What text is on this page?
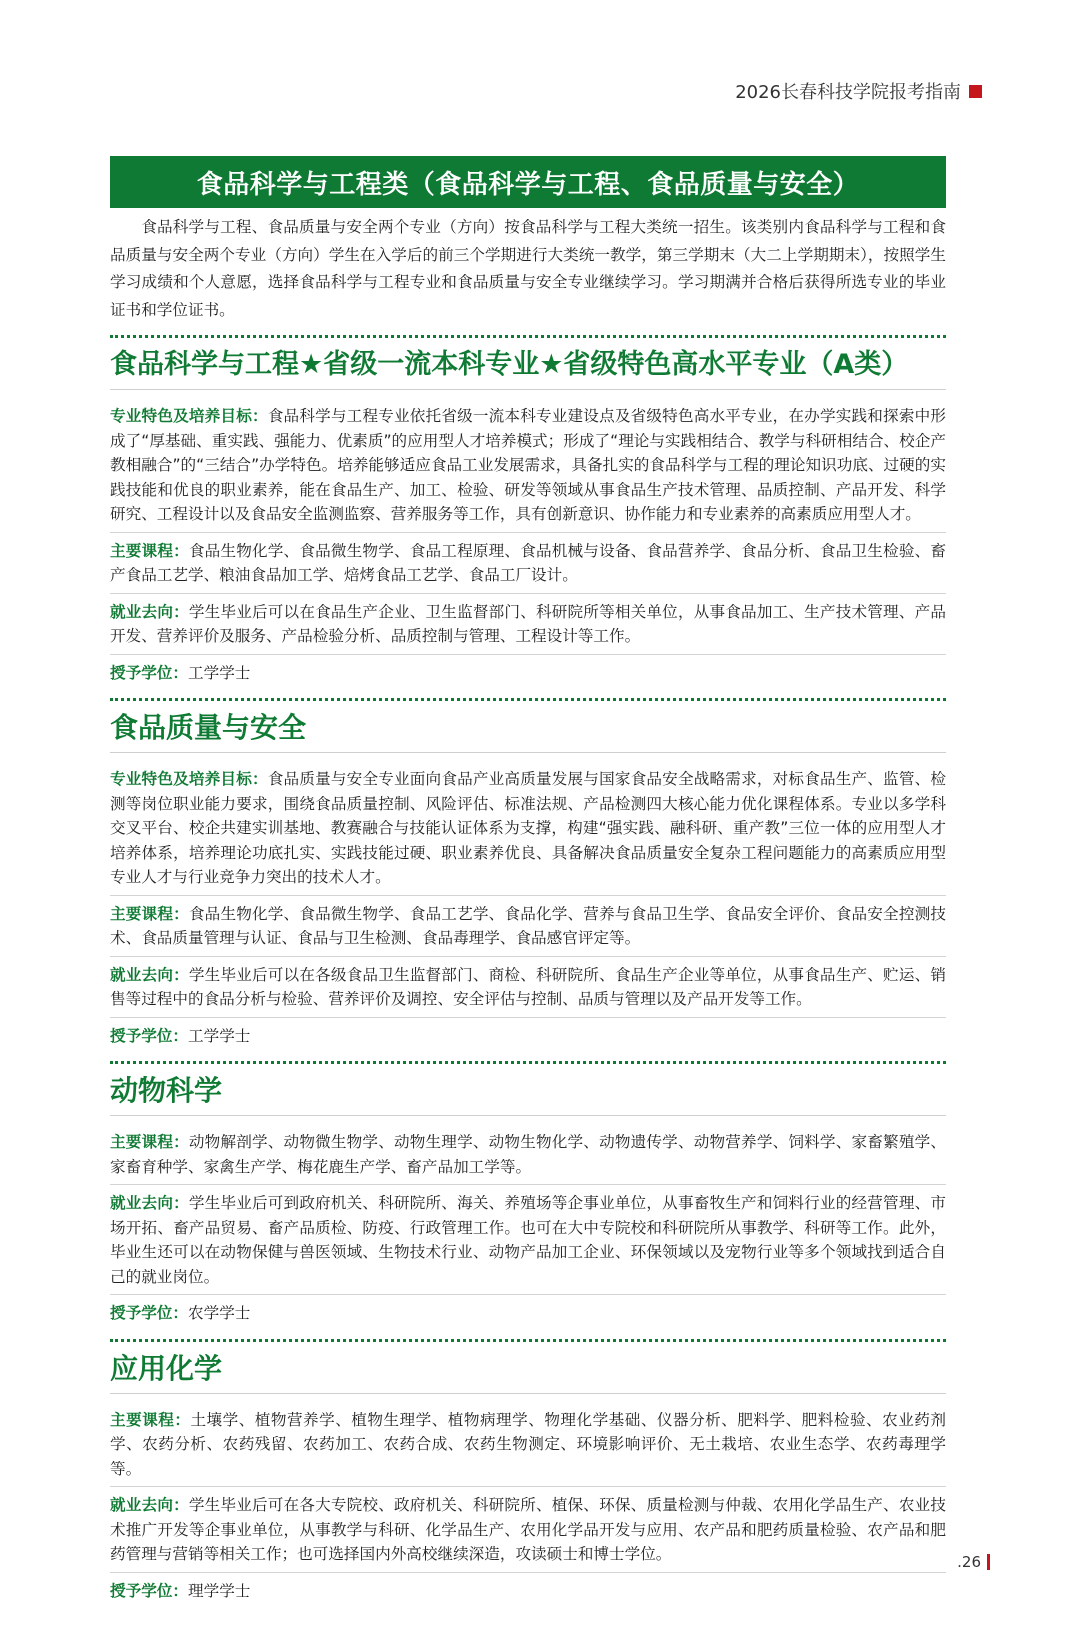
2026长春科技学院报考指南
食品科学与工程类（食品科学与工程、食品质量与安全）

食品科学与工程、食品质量与安全两个专业（方向）按食品科学与工程大类统一招生。该类别内食品科学与工程和食品质量与安全两个专业（方向）学生在入学后的前三个学期进行大类统一教学，第三学期末（大二上学期期末），按照学生学习成绩和个人意愿，选择食品科学与工程专业和食品质量与安全专业继续学习。学习期满并合格后获得所选专业的毕业证书和学位证书。

食品科学与工程★省级一流本科专业★省级特色高水平专业（A类）
专业特色及培养目标：食品科学与工程专业依托省级一流本科专业建设点及省级特色高水平专业，在办学实践和探索中形成了“厚基础、重实践、强能力、优素质”的应用型人才培养模式；形成了“理论与实践相结合、教学与科研相结合、校企产教相融合”的“三结合”办学特色。培养能够适应食品工业发展需求，具备扎实的食品科学与工程的理论知识功底、过硬的实践技能和优良的职业素养，能在食品生产、加工、检验、研发等领域从事食品生产技术管理、品质控制、产品开发、科学研究、工程设计以及食品安全监测监察、营养服务等工作，具有创新意识、协作能力和专业素养的高素质应用型人才。
主要课程：食品生物化学、食品微生物学、食品工程原理、食品机械与设备、食品营养学、食品分析、食品卫生检验、畜产食品工艺学、粮油食品加工学、焙烤食品工艺学、食品工厂设计。
就业去向：学生毕业后可以在食品生产企业、卫生监督部门、科研院所等相关单位，从事食品加工、生产技术管理、产品开发、营养评价及服务、产品检验分析、品质控制与管理、工程设计等工作。
授予学位：工学学士
食品质量与安全
专业特色及培养目标：食品质量与安全专业面向食品产业高质量发展与国家食品安全战略需求，对标食品生产、监管、检测等岗位职业能力要求，围绕食品质量控制、风险评估、标准法规、产品检测四大核心能力优化课程体系。专业以多学科交叉平台、校企共建实训基地、教赛融合与技能认证体系为支撑，构建“强实践、融科研、重产教”三位一体的应用型人才培养体系，培养理论功底扎实、实践技能过硬、职业素养优良、具备解决食品质量安全复杂工程问题能力的高素质应用型专业人才与行业竞争力突出的技术人才。
主要课程：食品生物化学、食品微生物学、食品工艺学、食品化学、营养与食品卫生学、食品安全评价、食品安全控测技术、食品质量管理与认证、食品与卫生检测、食品毒理学、食品感官评定等。
就业去向：学生毕业后可以在各级食品卫生监督部门、商检、科研院所、食品生产企业等单位，从事食品生产、贮运、销售等过程中的食品分析与检验、营养评价及调控、安全评估与控制、品质与管理以及产品开发等工作。
授予学位：工学学士
动物科学
主要课程：动物解剖学、动物微生物学、动物生理学、动物生物化学、动物遗传学、动物营养学、饲料学、家畜繁殖学、家畜育种学、家禽生产学、梅花鹿生产学、畜产品加工学等。
就业去向：学生毕业后可到政府机关、科研院所、海关、养殖场等企事业单位，从事畜牧生产和饲料行业的经营管理、市场开拓、畜产品贸易、畜产品质检、防疫、行政管理工作。也可在大中专院校和科研院所从事教学、科研等工作。此外，毕业生还可以在动物保健与兽医领域、生物技术行业、动物产品加工企业、环保领域以及宠物行业等多个领域找到适合自己的就业岗位。
授予学位：农学学士
应用化学
主要课程：土壤学、植物营养学、植物生理学、植物病理学、物理化学基础、仪器分析、肥料学、肥料检验、农业药剂学、农药分析、农药残留、农药加工、农药合成、农药生物测定、环境影响评价、无土栽培、农业生态学、农药毒理学等。
就业去向：学生毕业后可在各大专院校、政府机关、科研院所、植保、环保、质量检测与仲裁、农用化学品生产、农业技术推广开发等企事业单位，从事教学与科研、化学品生产、农用化学品开发与应用、农产品和肥药质量检验、农产品和肥药管理与营销等相关工作；也可选择国内外高校继续深造，攻读硕士和博士学位。
授予学位：理学学士
.26
